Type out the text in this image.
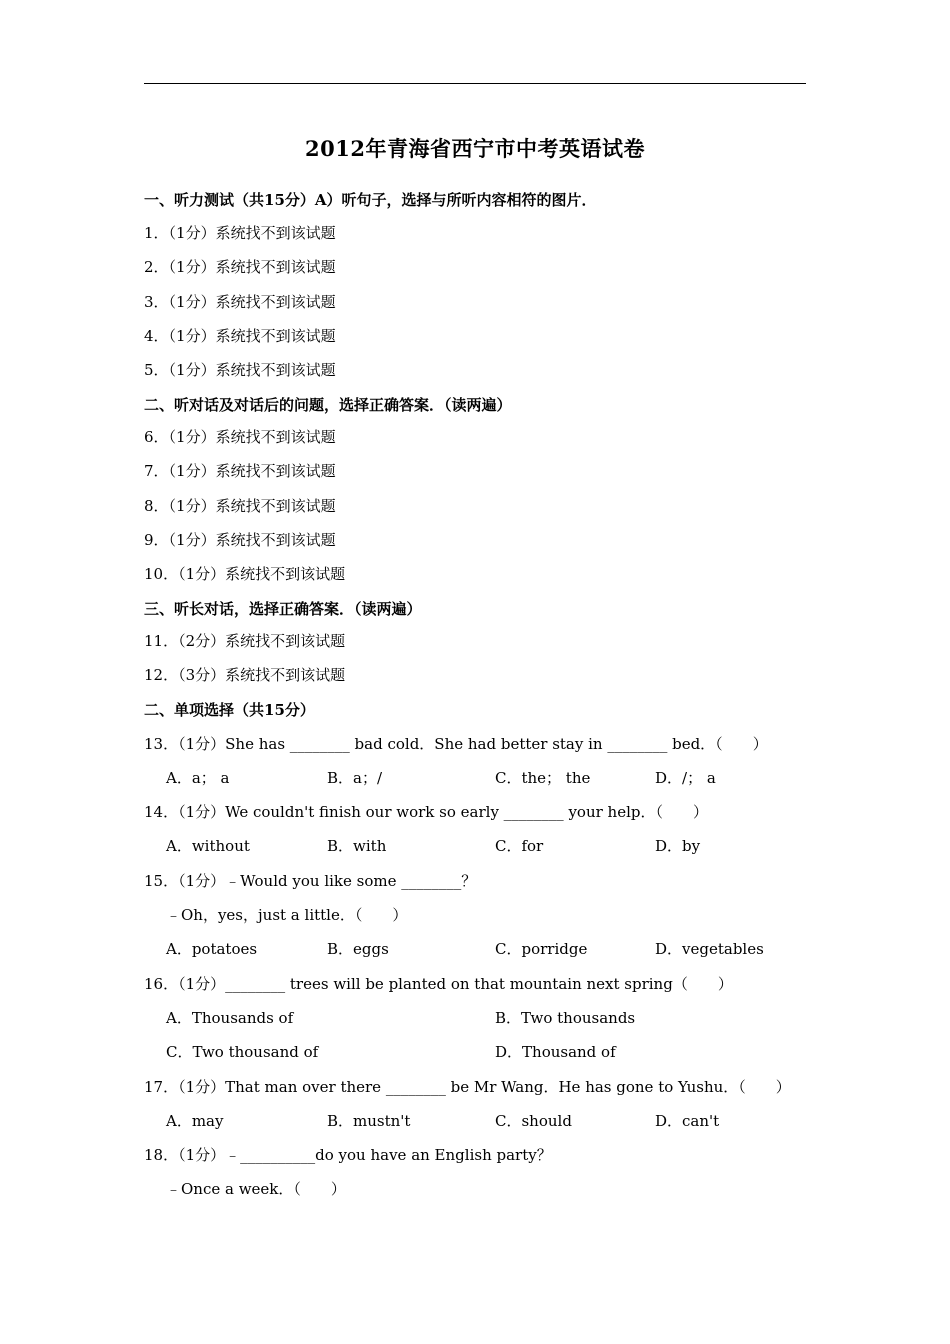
2012年青海省西宁市中考英语试卷
一、听力测试（共15分）A）听句子，选择与所听内容相符的图片．
1．（1分）系统找不到该试题
2．（1分）系统找不到该试题
3．（1分）系统找不到该试题
4．（1分）系统找不到该试题
5．（1分）系统找不到该试题
二、听对话及对话后的问题，选择正确答案．（读两遍）
6．（1分）系统找不到该试题
7．（1分）系统找不到该试题
8．（1分）系统找不到该试题
9．（1分）系统找不到该试题
10．（1分）系统找不到该试题
三、听长对话，选择正确答案．（读两遍）
11．（2分）系统找不到该试题
12．（3分）系统找不到该试题
二、单项选择（共15分）
13．（1分）She has ________ bad cold．She had better stay in ________ bed．（　　）
A．a； a	B．a；/	C．the； the	D．/； a
14．（1分）We couldn't finish our work so early ________ your help．（　　）
A．without	B．with	C．for	D．by
15．（1分）﹣Would you like some ________？
﹣Oh，yes，just a little．（　　）
A．potatoes	B．eggs	C．porridge	D．vegetables
16．（1分）________ trees will be planted on that mountain next spring（　　）
A．Thousands of	B．Two thousands
C．Two thousand of	D．Thousand of
17．（1分）That man over there ________ be Mr Wang．He has gone to Yushu．（　　）
A．may	B．mustn't	C．should	D．can't
18．（1分）﹣__________do you have an English party？
﹣Once a week．（　　）
